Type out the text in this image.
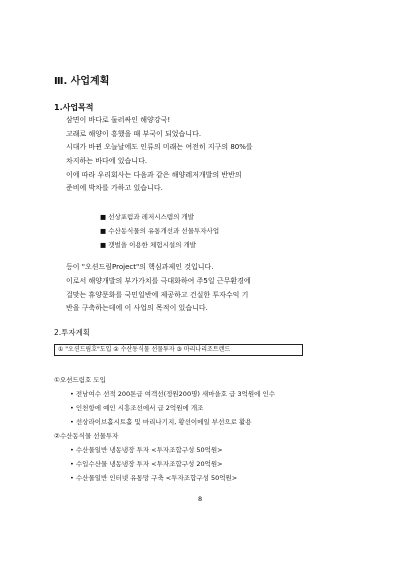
Ⅲ. 사업계획
1.사업목적
삼면이 바다로 둘러싸인 해양강국!
고래로 해양이 흥했을 때 부국이 되었습니다.
시대가 바뀐 오늘날에도 인류의 미래는 여전히 지구의 80%를
차지하는 바다에 있습니다.
이에 따라 우리회사는 다음과 같은 해양레저개발의 반반의
준비에 박차를 가하고 있습니다.
■ 선상포럼과 레저시스템의 개발
■ 수산동식물의 유통개선과 선물투자사업
■ 갯벌을 이용한 체험시설의 개발
등이 "오션드림Project"의 핵심과제인 것입니다.
이로서 해양개발의 부가가치를 극대화하여 주5일 근무환경에
걸맞는 휴양문화를 국민일반에 제공하고 건실한 투자수익 기
반을 구축하는데에 이 사업의 목적이 있습니다.
2.투자계획
① "오션드림호"도입 ② 수산동식물 선물투자 ③ 마리나리조트랜드
①오션드림호 도입
• 전남여수 선적 200톤급 여객선(정원200명) 새마을호 급 3억원에 인수
• 인천항에 예인 시흥조선에서 급 2억원에 개조
• 선상라이브홀시트홀 및 마리나기지, 황선이메일 부선으로 활용
②수산동식물 선물투자
• 수산물일반 냉동냉장 투자 <투자조합구성 50억원>
• 수입수산물 냉동냉장 투자 <투자조합구성 20억원>
• 수산물일반 인터넷 유통망 구축 <투자조합구성 50억원>
8
